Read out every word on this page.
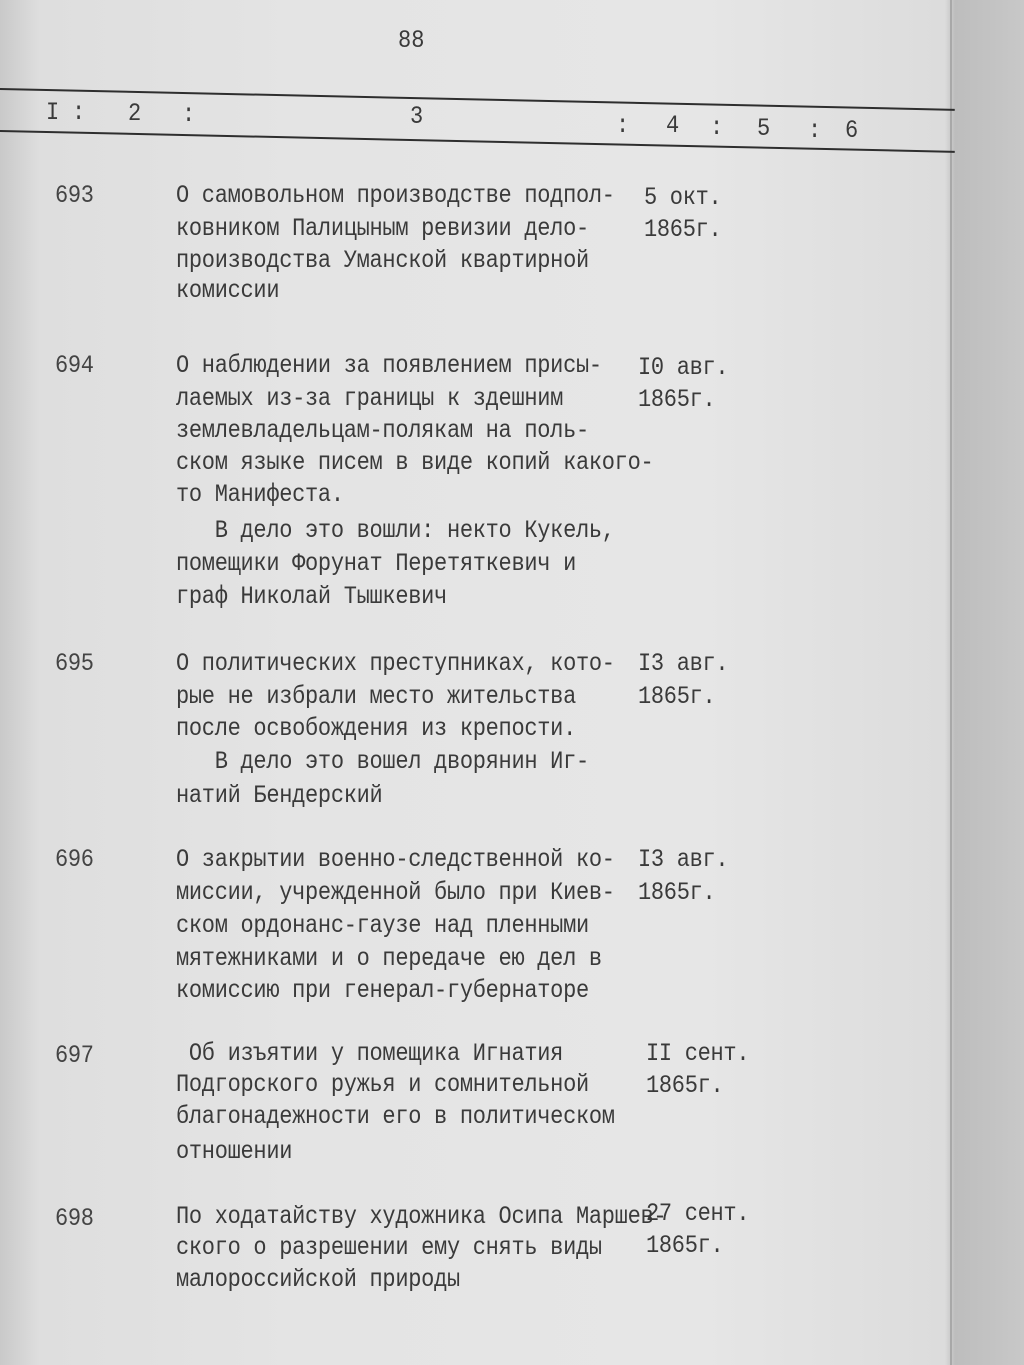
88
I : 2 :	3	: 4 : 5 : 6
693	О самовольном производстве подпол-
ковником Палицыным ревизии дело-
производства Уманской квартирной
комиссии
5 окт.
1865г.
694	О наблюдении за появлением присы-
лаемых из-за границы к здешним
землевладельцам-полякам на поль-
ском языке писем в виде копий какого-
то Манифеста.
В дело это вошли: некто Кукель,
помещики Форунат Перетяткевич и
граф Николай Тышкевич
I0 авг.
1865г.
695	О политических преступниках, кото-
рые не избрали место жительства
после освобождения из крепости.
В дело это вошел дворянин Иг-
натий Бендерский
I3 авг.
1865г.
696	О закрытии военно-следственной ко-
миссии, учрежденной было при Киев-
ском ордонанс-гаузе над пленными
мятежниками и о передаче ею дел в
комиссию при генерал-губернаторе
I3 авг.
1865г.
697	Об изъятии у помещика Игнатия
Подгорского ружья и сомнительной
благонадежности его в политическом
отношении
II сент.
1865г.
698	По ходатайству художника Осипа Маршев-
ского о разрешении ему снять виды
малороссийской природы
27 сент.
1865г.
